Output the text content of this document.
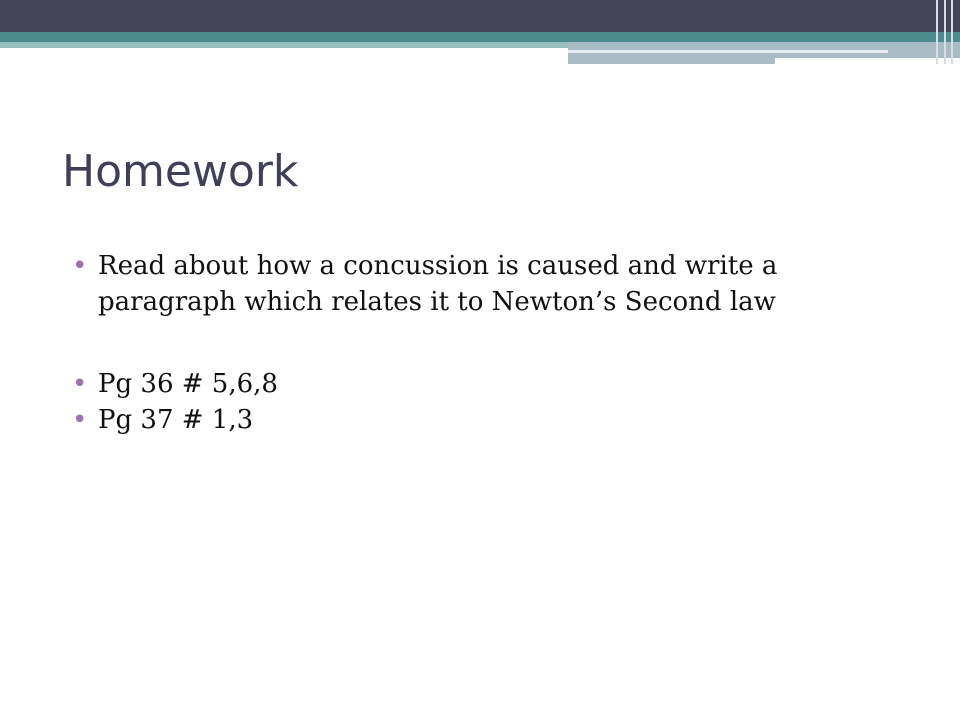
Homework
• Read about how a concussion is caused and write a paragraph which relates it to Newton’s Second law
• Pg 36 # 5,6,8
• Pg 37 # 1,3
